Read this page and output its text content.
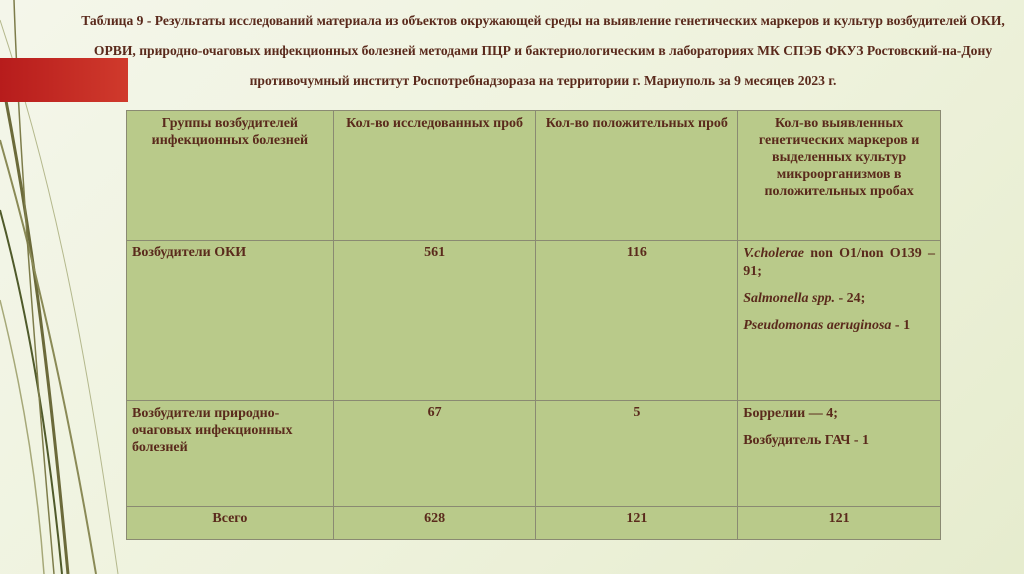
Таблица 9 - Результаты исследований материала из объектов окружающей среды на выявление генетических маркеров и культур возбудителей ОКИ, ОРВИ, природно-очаговых инфекционных болезней методами ПЦР и бактериологическим в лабораториях МК СПЭБ ФКУЗ Ростовский-на-Дону противочумный институт Роспотребнадзораза на территории г. Мариуполь за 9 месяцев 2023 г.

Группы возбудителей инфекционных болезней	Кол-во исследованных проб	Кол-во положительных проб	Кол-во выявленных генетических маркеров и выделенных культур микроорганизмов в положительных пробах
Возбудители ОКИ	561	116	V.cholerae non O1/non O139 – 91;

Salmonella spp. - 24;

Pseudomonas aeruginosa - 1

Возбудители природно-очаговых инфекционных болезней	67	5	Боррелии — 4;

Возбудитель ГАЧ - 1

Всего	628	121	121
